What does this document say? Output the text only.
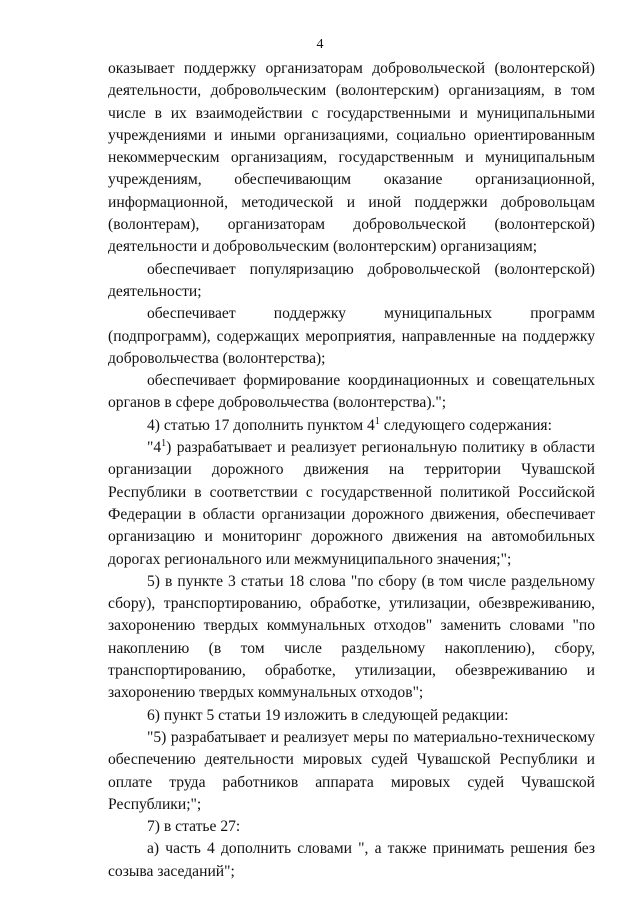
4

оказывает поддержку организаторам добровольческой (волонтерской) деятельности, добровольческим (волонтерским) организациям, в том числе в их взаимодействии с государственными и муниципальными учреждениями и иными организациями, социально ориентированным некоммерческим организациям, государственным и муниципальным учреждениям, обеспечивающим оказание организационной, информационной, методической и иной поддержки добровольцам (волонтерам), организаторам добровольческой (волонтерской) деятельности и добровольческим (волонтерским) организациям;

обеспечивает популяризацию добровольческой (волонтерской) деятельности;

обеспечивает поддержку муниципальных программ (подпрограмм), содержащих мероприятия, направленные на поддержку добровольчества (волонтерства);

обеспечивает формирование координационных и совещательных органов в сфере добровольчества (волонтерства).";

4) статью 17 дополнить пунктом $4^1$ следующего содержания:

"$4^1$) разрабатывает и реализует региональную политику в области организации дорожного движения на территории Чувашской Республики в соответствии с государственной политикой Российской Федерации в области организации дорожного движения, обеспечивает организацию и мониторинг дорожного движения на автомобильных дорогах регионального или межмуниципального значения;";

5) в пункте 3 статьи 18 слова "по сбору (в том числе раздельному сбору), транспортированию, обработке, утилизации, обезвреживанию, захоронению твердых коммунальных отходов" заменить словами "по накоплению (в том числе раздельному накоплению), сбору, транспортированию, обработке, утилизации, обезвреживанию и захоронению твердых коммунальных отходов";

6) пункт 5 статьи 19 изложить в следующей редакции:

"5) разрабатывает и реализует меры по материально-техническому обеспечению деятельности мировых судей Чувашской Республики и оплате труда работников аппарата мировых судей Чувашской Республики;";

7) в статье 27:

а) часть 4 дополнить словами ", а также принимать решения без созыва заседаний";
